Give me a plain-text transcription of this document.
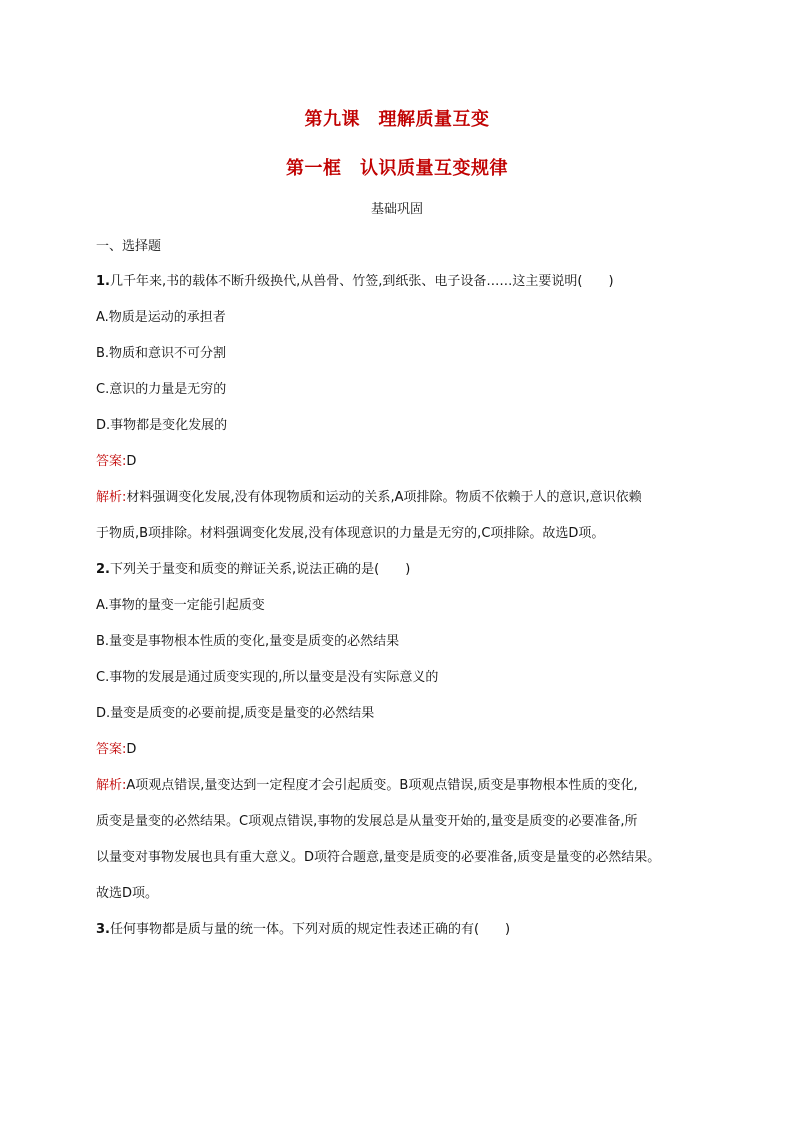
第九课　理解质量互变
第一框　认识质量互变规律
基础巩固
一、选择题
1.几千年来,书的载体不断升级换代,从兽骨、竹签,到纸张、电子设备……这主要说明(　　)
A.物质是运动的承担者
B.物质和意识不可分割
C.意识的力量是无穷的
D.事物都是变化发展的
答案:D
解析:材料强调变化发展,没有体现物质和运动的关系,A项排除。物质不依赖于人的意识,意识依赖
于物质,B项排除。材料强调变化发展,没有体现意识的力量是无穷的,C项排除。故选D项。
2.下列关于量变和质变的辩证关系,说法正确的是(　　)
A.事物的量变一定能引起质变
B.量变是事物根本性质的变化,量变是质变的必然结果
C.事物的发展是通过质变实现的,所以量变是没有实际意义的
D.量变是质变的必要前提,质变是量变的必然结果
答案:D
解析:A项观点错误,量变达到一定程度才会引起质变。B项观点错误,质变是事物根本性质的变化,
质变是量变的必然结果。C项观点错误,事物的发展总是从量变开始的,量变是质变的必要准备,所
以量变对事物发展也具有重大意义。D项符合题意,量变是质变的必要准备,质变是量变的必然结果。
故选D项。
3.任何事物都是质与量的统一体。下列对质的规定性表述正确的有(　　)
